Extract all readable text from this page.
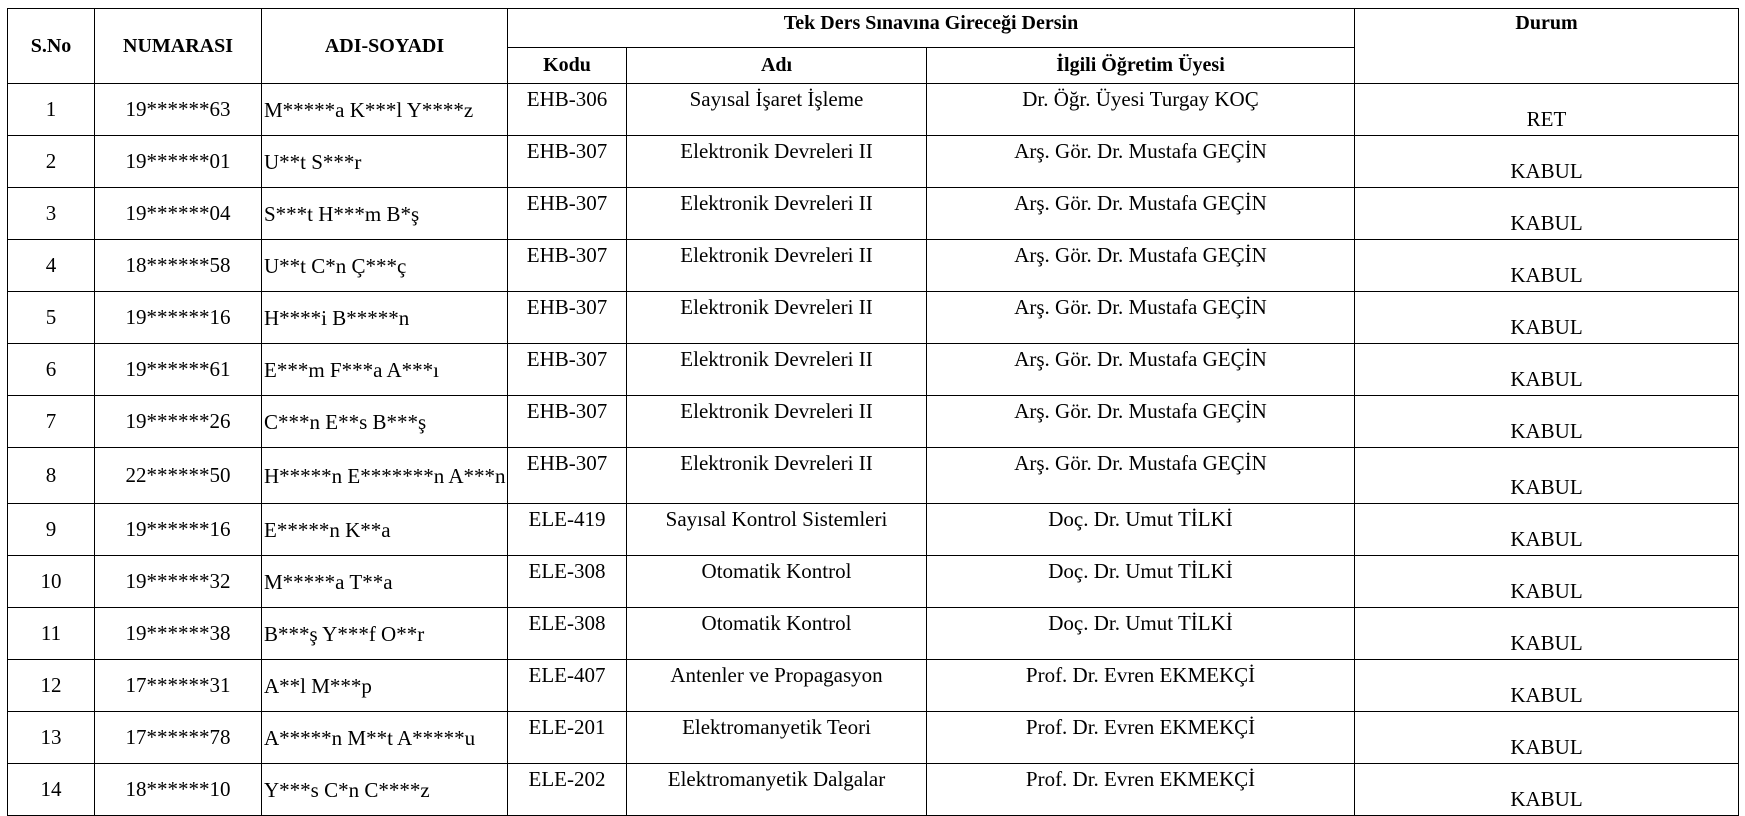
S.No	NUMARASI	ADI-SOYADI	Tek Ders Sınavına Gireceği Dersin			Durum
			Kodu	Adı	İlgili Öğretim Üyesi	
1	19******63	M*****a K***l Y****z	EHB-306	Sayısal İşaret İşleme	Dr. Öğr. Üyesi Turgay KOÇ	RET
2	19******01	U**t S***r	EHB-307	Elektronik Devreleri II	Arş. Gör. Dr. Mustafa GEÇİN	KABUL
3	19******04	S***t H***m B*ş	EHB-307	Elektronik Devreleri II	Arş. Gör. Dr. Mustafa GEÇİN	KABUL
4	18******58	U**t C*n Ç***ç	EHB-307	Elektronik Devreleri II	Arş. Gör. Dr. Mustafa GEÇİN	KABUL
5	19******16	H****i B*****n	EHB-307	Elektronik Devreleri II	Arş. Gör. Dr. Mustafa GEÇİN	KABUL
6	19******61	E***m F***a A***ı	EHB-307	Elektronik Devreleri II	Arş. Gör. Dr. Mustafa GEÇİN	KABUL
7	19******26	C***n E**s B***ş	EHB-307	Elektronik Devreleri II	Arş. Gör. Dr. Mustafa GEÇİN	KABUL
8	22******50	H*****n E*******n A***n	EHB-307	Elektronik Devreleri II	Arş. Gör. Dr. Mustafa GEÇİN	KABUL
9	19******16	E*****n K**a	ELE-419	Sayısal Kontrol Sistemleri	Doç. Dr. Umut TİLKİ	KABUL
10	19******32	M*****a T**a	ELE-308	Otomatik Kontrol	Doç. Dr. Umut TİLKİ	KABUL
11	19******38	B***ş Y***f O**r	ELE-308	Otomatik Kontrol	Doç. Dr. Umut TİLKİ	KABUL
12	17******31	A**l M***p	ELE-407	Antenler ve Propagasyon	Prof. Dr. Evren EKMEKÇİ	KABUL
13	17******78	A*****n M**t A*****u	ELE-201	Elektromanyetik Teori	Prof. Dr. Evren EKMEKÇİ	KABUL
14	18******10	Y***s C*n C****z	ELE-202	Elektromanyetik Dalgalar	Prof. Dr. Evren EKMEKÇİ	KABUL
